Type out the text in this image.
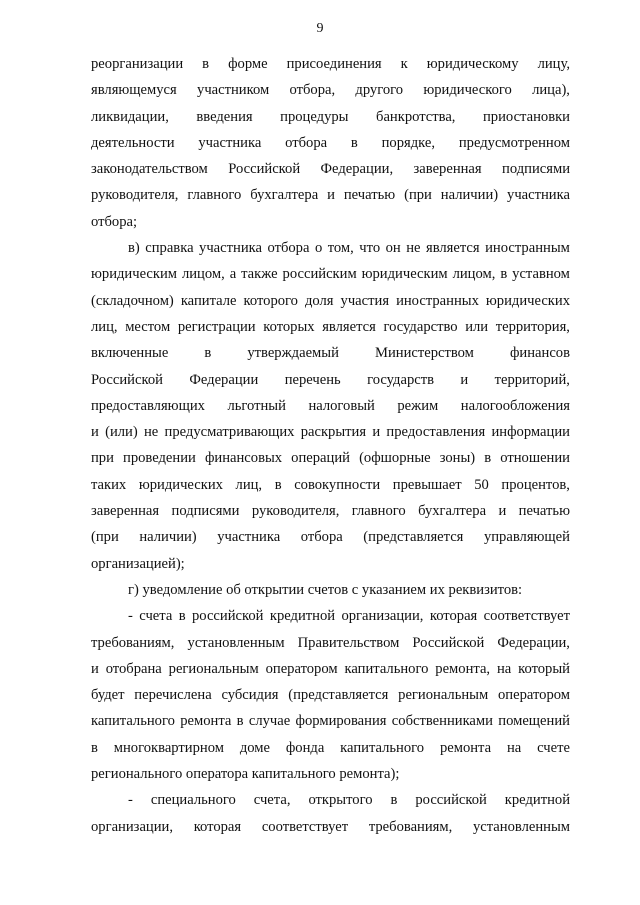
9
реорганизации в форме присоединения к юридическому лицу,
являющемуся участником отбора, другого юридического лица),
ликвидации, введения процедуры банкротства, приостановки
деятельности участника отбора в порядке, предусмотренном
законодательством Российской Федерации, заверенная подписями
руководителя, главного бухгалтера и печатью (при наличии) участника
отбора;
в) справка участника отбора о том, что он не является иностранным
юридическим лицом, а также российским юридическим лицом, в уставном
(складочном) капитале которого доля участия иностранных юридических
лиц, местом регистрации которых является государство или территория,
включенные в утверждаемый Министерством финансов
Российской Федерации перечень государств и территорий,
предоставляющих льготный налоговый режим налогообложения
и (или) не предусматривающих раскрытия и предоставления информации
при проведении финансовых операций (офшорные зоны) в отношении
таких юридических лиц, в совокупности превышает 50 процентов,
заверенная подписями руководителя, главного бухгалтера и печатью
(при наличии) участника отбора (представляется управляющей
организацией);
г) уведомление об открытии счетов с указанием их реквизитов:
- счета в российской кредитной организации, которая соответствует
требованиям, установленным Правительством Российской Федерации,
и отобрана региональным оператором капитального ремонта, на который
будет перечислена субсидия (представляется региональным оператором
капитального ремонта в случае формирования собственниками помещений
в многоквартирном доме фонда капитального ремонта на счете
регионального оператора капитального ремонта);
- специального счета, открытого в российской кредитной
организации, которая соответствует требованиям, установленным
